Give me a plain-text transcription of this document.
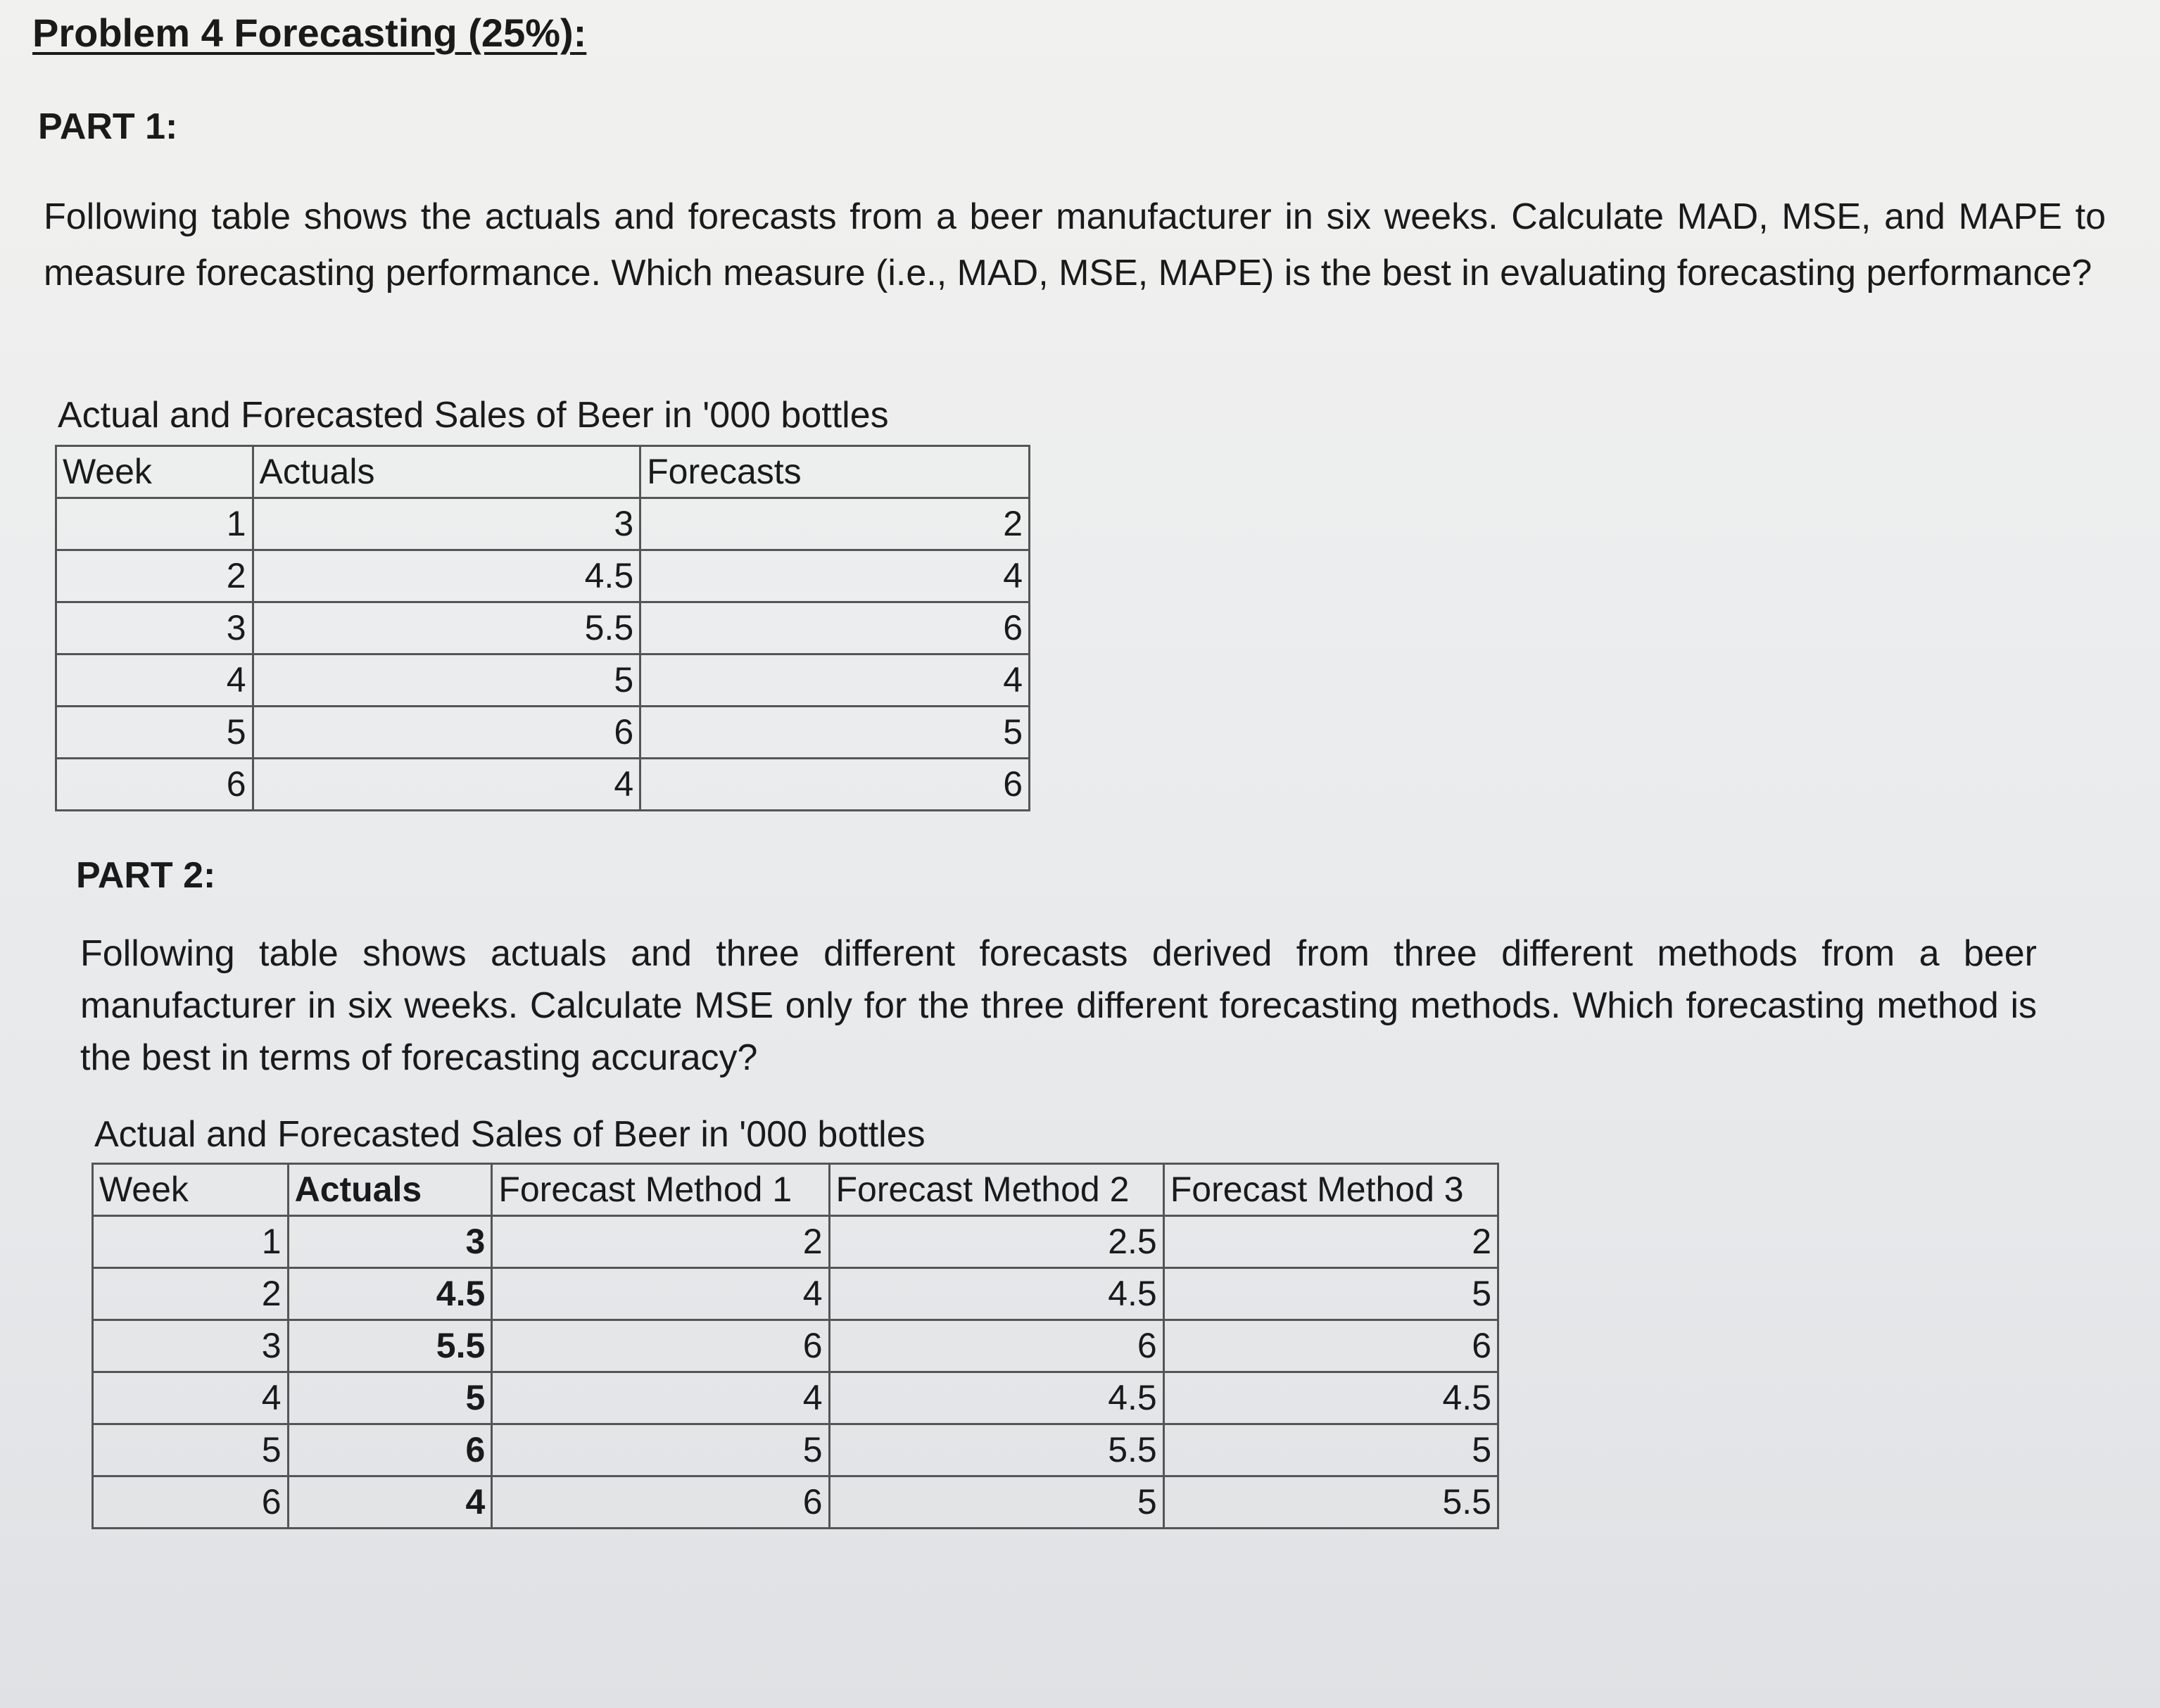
Problem 4 Forecasting (25%):
PART 1:
Following table shows the actuals and forecasts from a beer manufacturer in six weeks. Calculate MAD, MSE, and MAPE to measure forecasting performance. Which measure (i.e., MAD, MSE, MAPE) is the best in evaluating forecasting performance?
Actual and Forecasted Sales of Beer in '000 bottles
Week	Actuals	Forecasts
1	3	2
2	4.5	4
3	5.5	6
4	5	4
5	6	5
6	4	6
PART 2:
Following table shows actuals and three different forecasts derived from three different methods from a beer manufacturer in six weeks. Calculate MSE only for the three different forecasting methods. Which forecasting method is the best in terms of forecasting accuracy?
Actual and Forecasted Sales of Beer in '000 bottles
Week	Actuals	Forecast Method 1	Forecast Method 2	Forecast Method 3
1	3	2	2.5	2
2	4.5	4	4.5	5
3	5.5	6	6	6
4	5	4	4.5	4.5
5	6	5	5.5	5
6	4	6	5	5.5
